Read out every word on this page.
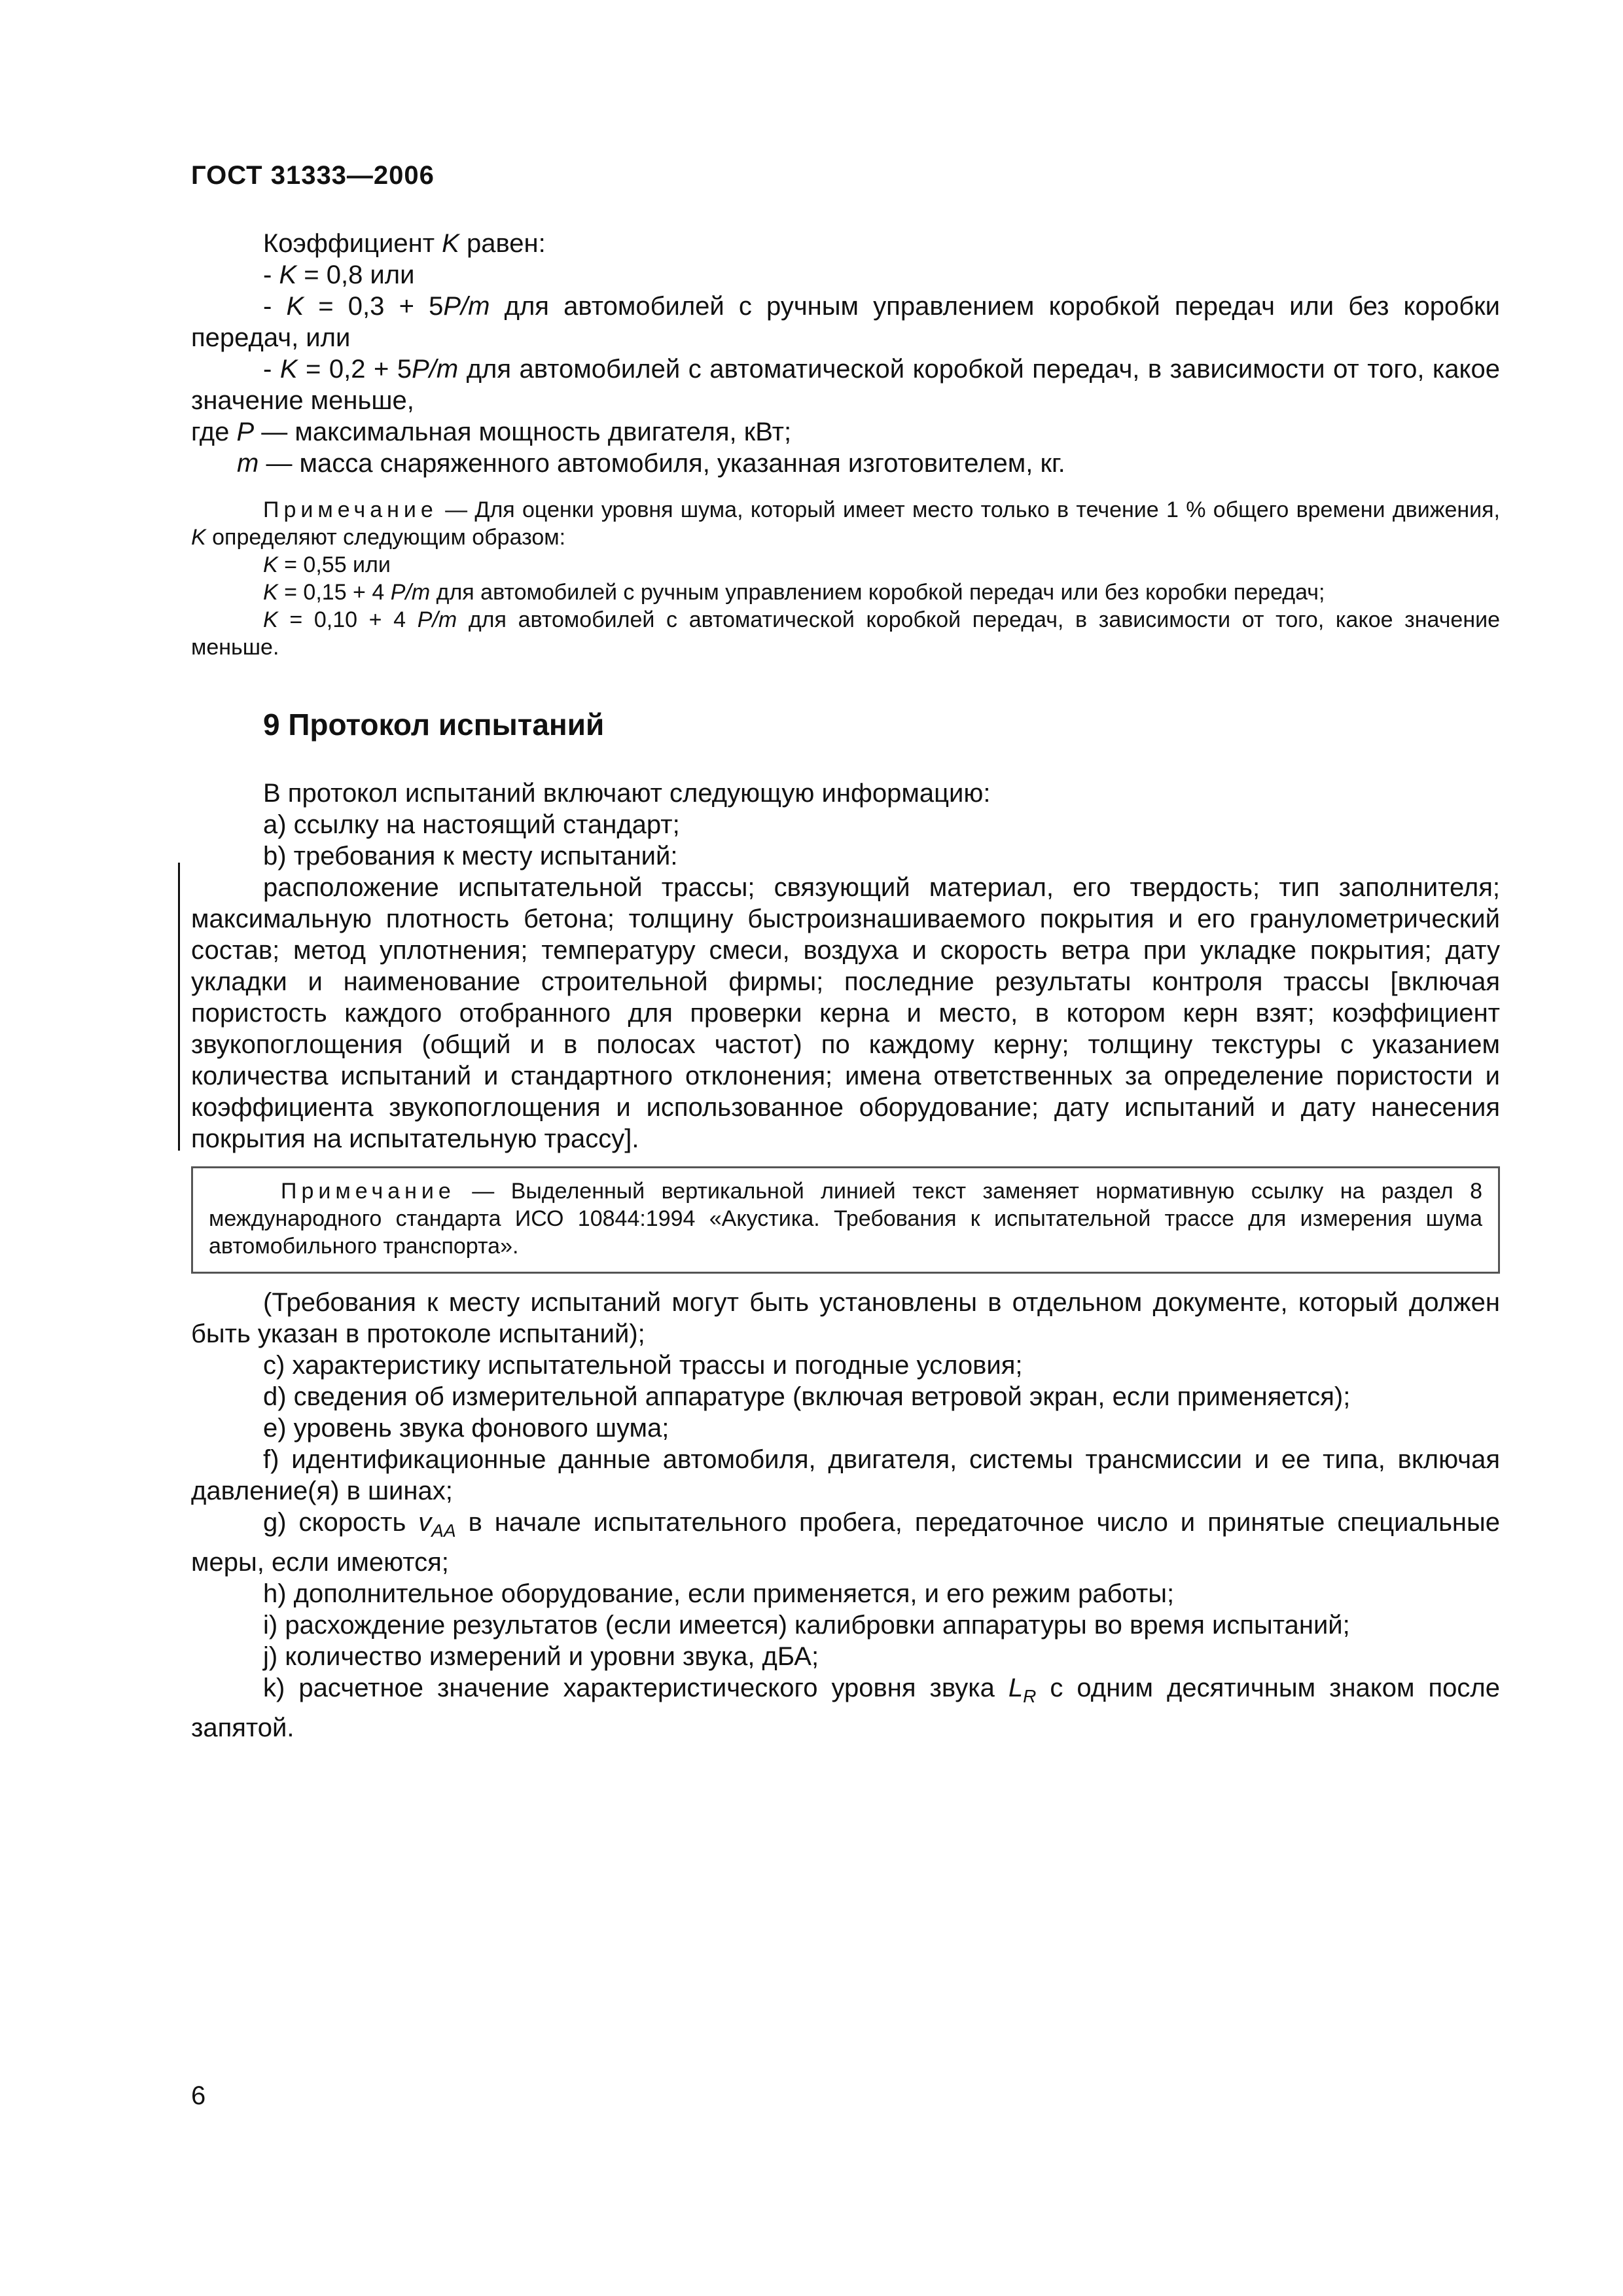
ГОСТ 31333—2006

Коэффициент K равен:

- K = 0,8 или

- K = 0,3 + 5P/m для автомобилей с ручным управлением коробкой передач или без коробки передач, или

- K = 0,2 + 5P/m для автомобилей с автоматической коробкой передач, в зависимости от того, какое значение меньше,

где P — максимальная мощность двигателя, кВт;

m — масса снаряженного автомобиля, указанная изготовителем, кг.

Примечание — Для оценки уровня шума, который имеет место только в течение 1 % общего времени движения, K определяют следующим образом:

K = 0,55 или

K = 0,15 + 4 P/m для автомобилей с ручным управлением коробкой передач или без коробки передач;

K = 0,10 + 4 P/m для автомобилей с автоматической коробкой передач, в зависимости от того, какое значение меньше.

9 Протокол испытаний

В протокол испытаний включают следующую информацию:

a) ссылку на настоящий стандарт;

b) требования к месту испытаний:

расположение испытательной трассы; связующий материал, его твердость; тип заполнителя; максимальную плотность бетона; толщину быстроизнашиваемого покрытия и его гранулометрический состав; метод уплотнения; температуру смеси, воздуха и скорость ветра при укладке покрытия; дату укладки и наименование строительной фирмы; последние результаты контроля трассы [включая пористость каждого отобранного для проверки керна и место, в котором керн взят; коэффициент звукопоглощения (общий и в полосах частот) по каждому керну; толщину текстуры с указанием количества испытаний и стандартного отклонения; имена ответственных за определение пористости и коэффициента звукопоглощения и использованное оборудование; дату испытаний и дату нанесения покрытия на испытательную трассу].

Примечание — Выделенный вертикальной линией текст заменяет нормативную ссылку на раздел 8 международного стандарта ИСО 10844:1994 «Акустика. Требования к испытательной трассе для измерения шума автомобильного транспорта».

(Требования к месту испытаний могут быть установлены в отдельном документе, который должен быть указан в протоколе испытаний);

c) характеристику испытательной трассы и погодные условия;

d) сведения об измерительной аппаратуре (включая ветровой экран, если применяется);

e) уровень звука фонового шума;

f) идентификационные данные автомобиля, двигателя, системы трансмиссии и ее типа, включая давление(я) в шинах;

g) скорость $v_{AA}$ в начале испытательного пробега, передаточное число и принятые специальные меры, если имеются;

h) дополнительное оборудование, если применяется, и его режим работы;

i) расхождение результатов (если имеется) калибровки аппаратуры во время испытаний;

j) количество измерений и уровни звука, дБА;

k) расчетное значение характеристического уровня звука $L_R$ с одним десятичным знаком после запятой.

6
